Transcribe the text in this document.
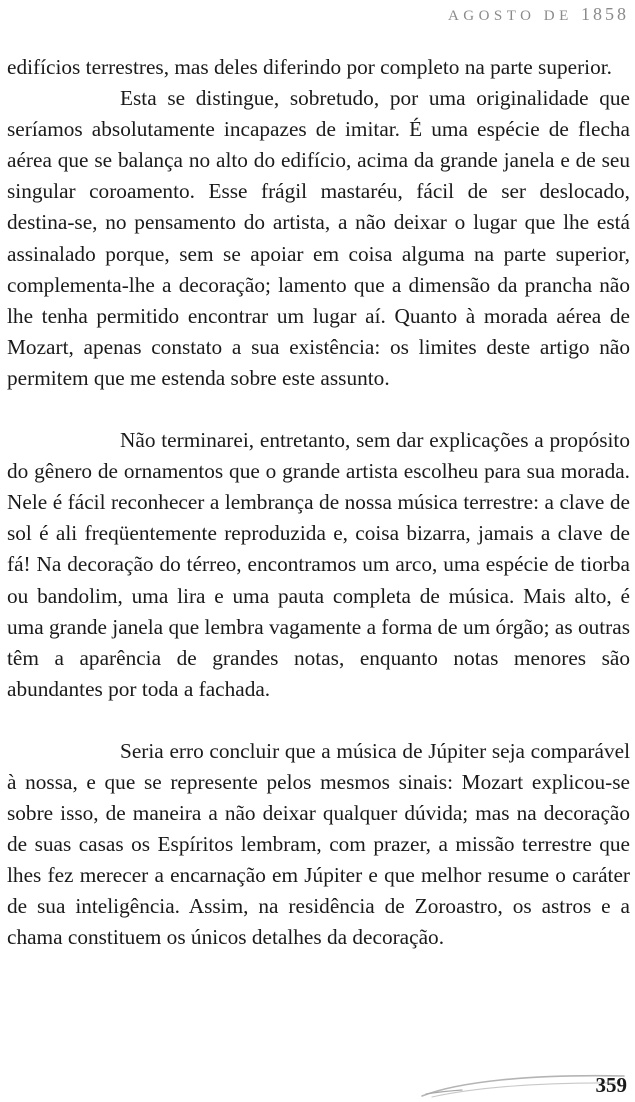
AGOSTO DE 1858

edifícios terrestres, mas deles diferindo por completo na parte superior.

Esta se distingue, sobretudo, por uma originalidade que seríamos absolutamente incapazes de imitar. É uma espécie de flecha aérea que se balança no alto do edifício, acima da grande janela e de seu singular coroamento. Esse frágil mastaréu, fácil de ser deslocado, destina-se, no pensamento do artista, a não deixar o lugar que lhe está assinalado porque, sem se apoiar em coisa alguma na parte superior, complementa-lhe a decoração; lamento que a dimensão da prancha não lhe tenha permitido encontrar um lugar aí. Quanto à morada aérea de Mozart, apenas constato a sua existência: os limites deste artigo não permitem que me estenda sobre este assunto.

Não terminarei, entretanto, sem dar explicações a propósito do gênero de ornamentos que o grande artista escolheu para sua morada. Nele é fácil reconhecer a lembrança de nossa música terrestre: a clave de sol é ali freqüentemente reproduzida e, coisa bizarra, jamais a clave de fá! Na decoração do térreo, encontramos um arco, uma espécie de tiorba ou bandolim, uma lira e uma pauta completa de música. Mais alto, é uma grande janela que lembra vagamente a forma de um órgão; as outras têm a aparência de grandes notas, enquanto notas menores são abundantes por toda a fachada.

Seria erro concluir que a música de Júpiter seja comparável à nossa, e que se represente pelos mesmos sinais: Mozart explicou-se sobre isso, de maneira a não deixar qualquer dúvida; mas na decoração de suas casas os Espíritos lembram, com prazer, a missão terrestre que lhes fez merecer a encarnação em Júpiter e que melhor resume o caráter de sua inteligência. Assim, na residência de Zoroastro, os astros e a chama constituem os únicos detalhes da decoração.

359
